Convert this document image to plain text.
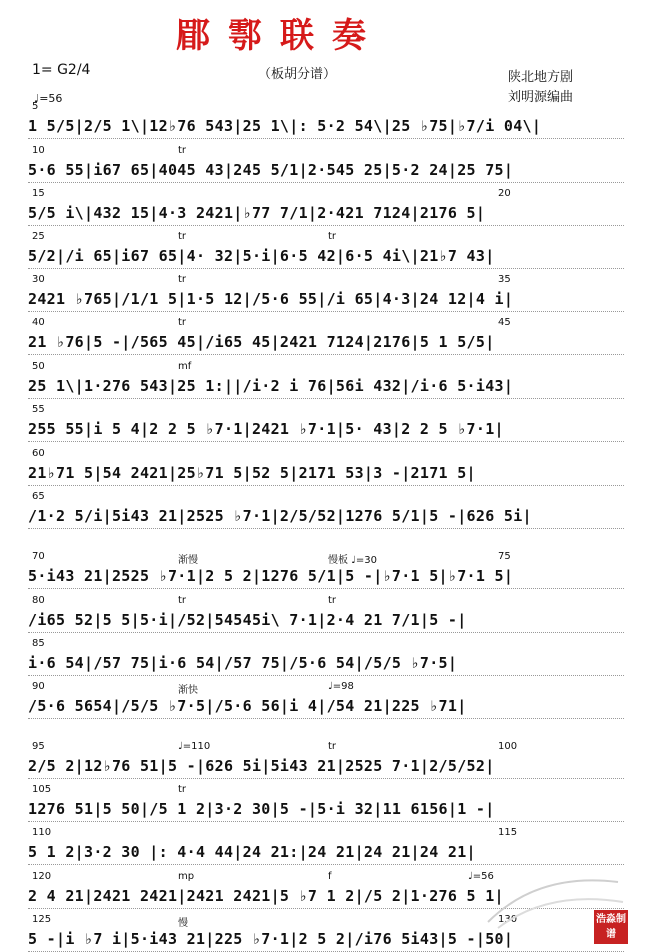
郿鄠联奏
（板胡分谱）
1= G2/4	陕北地方剧
刘明源编曲
♩=56
5
1 5/5|2/5 1\|12♭76 543|25 1\|: 5·2 54\|25 ♭75|♭7/i 04\|
10	tr
5·6 55|i67 65|4045 43|245 5/1|2·545 25|5·2 24|25 75|
15	20
5/5 i\|432 15|4·3 2421|♭77 7/1|2·421 7124|2176 5|
25	tr	tr
5/2|/i 65|i67 65|4· 32|5·i|6·5 42|6·5 4i\|21♭7 43|
30	35
tr
2421 ♭765|/1/1 5|1·5 12|/5·6 55|/i 65|4·3|24 12|4 i|
40	45
tr
21 ♭76|5 -|/565 45|/i65 45|2421 7124|2176|5 1 5/5|
50	mf
25 1\|1·276 543|25 1:||/i·2 i 76|56i 432|/i·6 5·i43|
55
255 55|i 5 4|2 2 5 ♭7·1|2421 ♭7·1|5· 43|2 2 5 ♭7·1|
60
21♭71 5|54 2421|25♭71 5|52 5|2171 53|3 -|2171 5|
65
/1·2 5/i|5i43 21|2525 ♭7·1|2/5/52|1276 5/1|5 -|626 5i|
70	75
渐慢	慢板 ♩=30
5·i43 21|2525 ♭7·1|2 5 2|1276 5/1|5 -|♭7·1 5|♭7·1 5|
80	tr	tr
/i65 52|5 5|5·i|/52|54545i\ 7·1|2·4 21 7/1|5 -|
85
i·6 54|/57 75|i·6 54|/57 75|/5·6 54|/5/5 ♭7·5|
90	渐快	♩=98
/5·6 5654|/5/5 ♭7·5|/5·6 56|i 4|/54 21|225 ♭71|
95	100
♩=110	tr
2/5 2|12♭76 51|5 -|626 5i|5i43 21|2525 7·1|2/5/52|
105	tr
1276 51|5 50|/5 1 2|3·2 30|5 -|5·i 32|11 6156|1 -|
110	115
5 1 2|3·2 30 |: 4·4 44|24 21:|24 21|24 21|24 21|
120	mp	f	♩=56
2 4 21|2421 2421|2421 2421|5 ♭7 1 2|/5 2|1·276 5 1|
125	130
慢
5 -|i ♭7 i|5·i43 21|225 ♭7·1|2 5 2|/i76 5i43|5 -|50|
浩淼制谱
